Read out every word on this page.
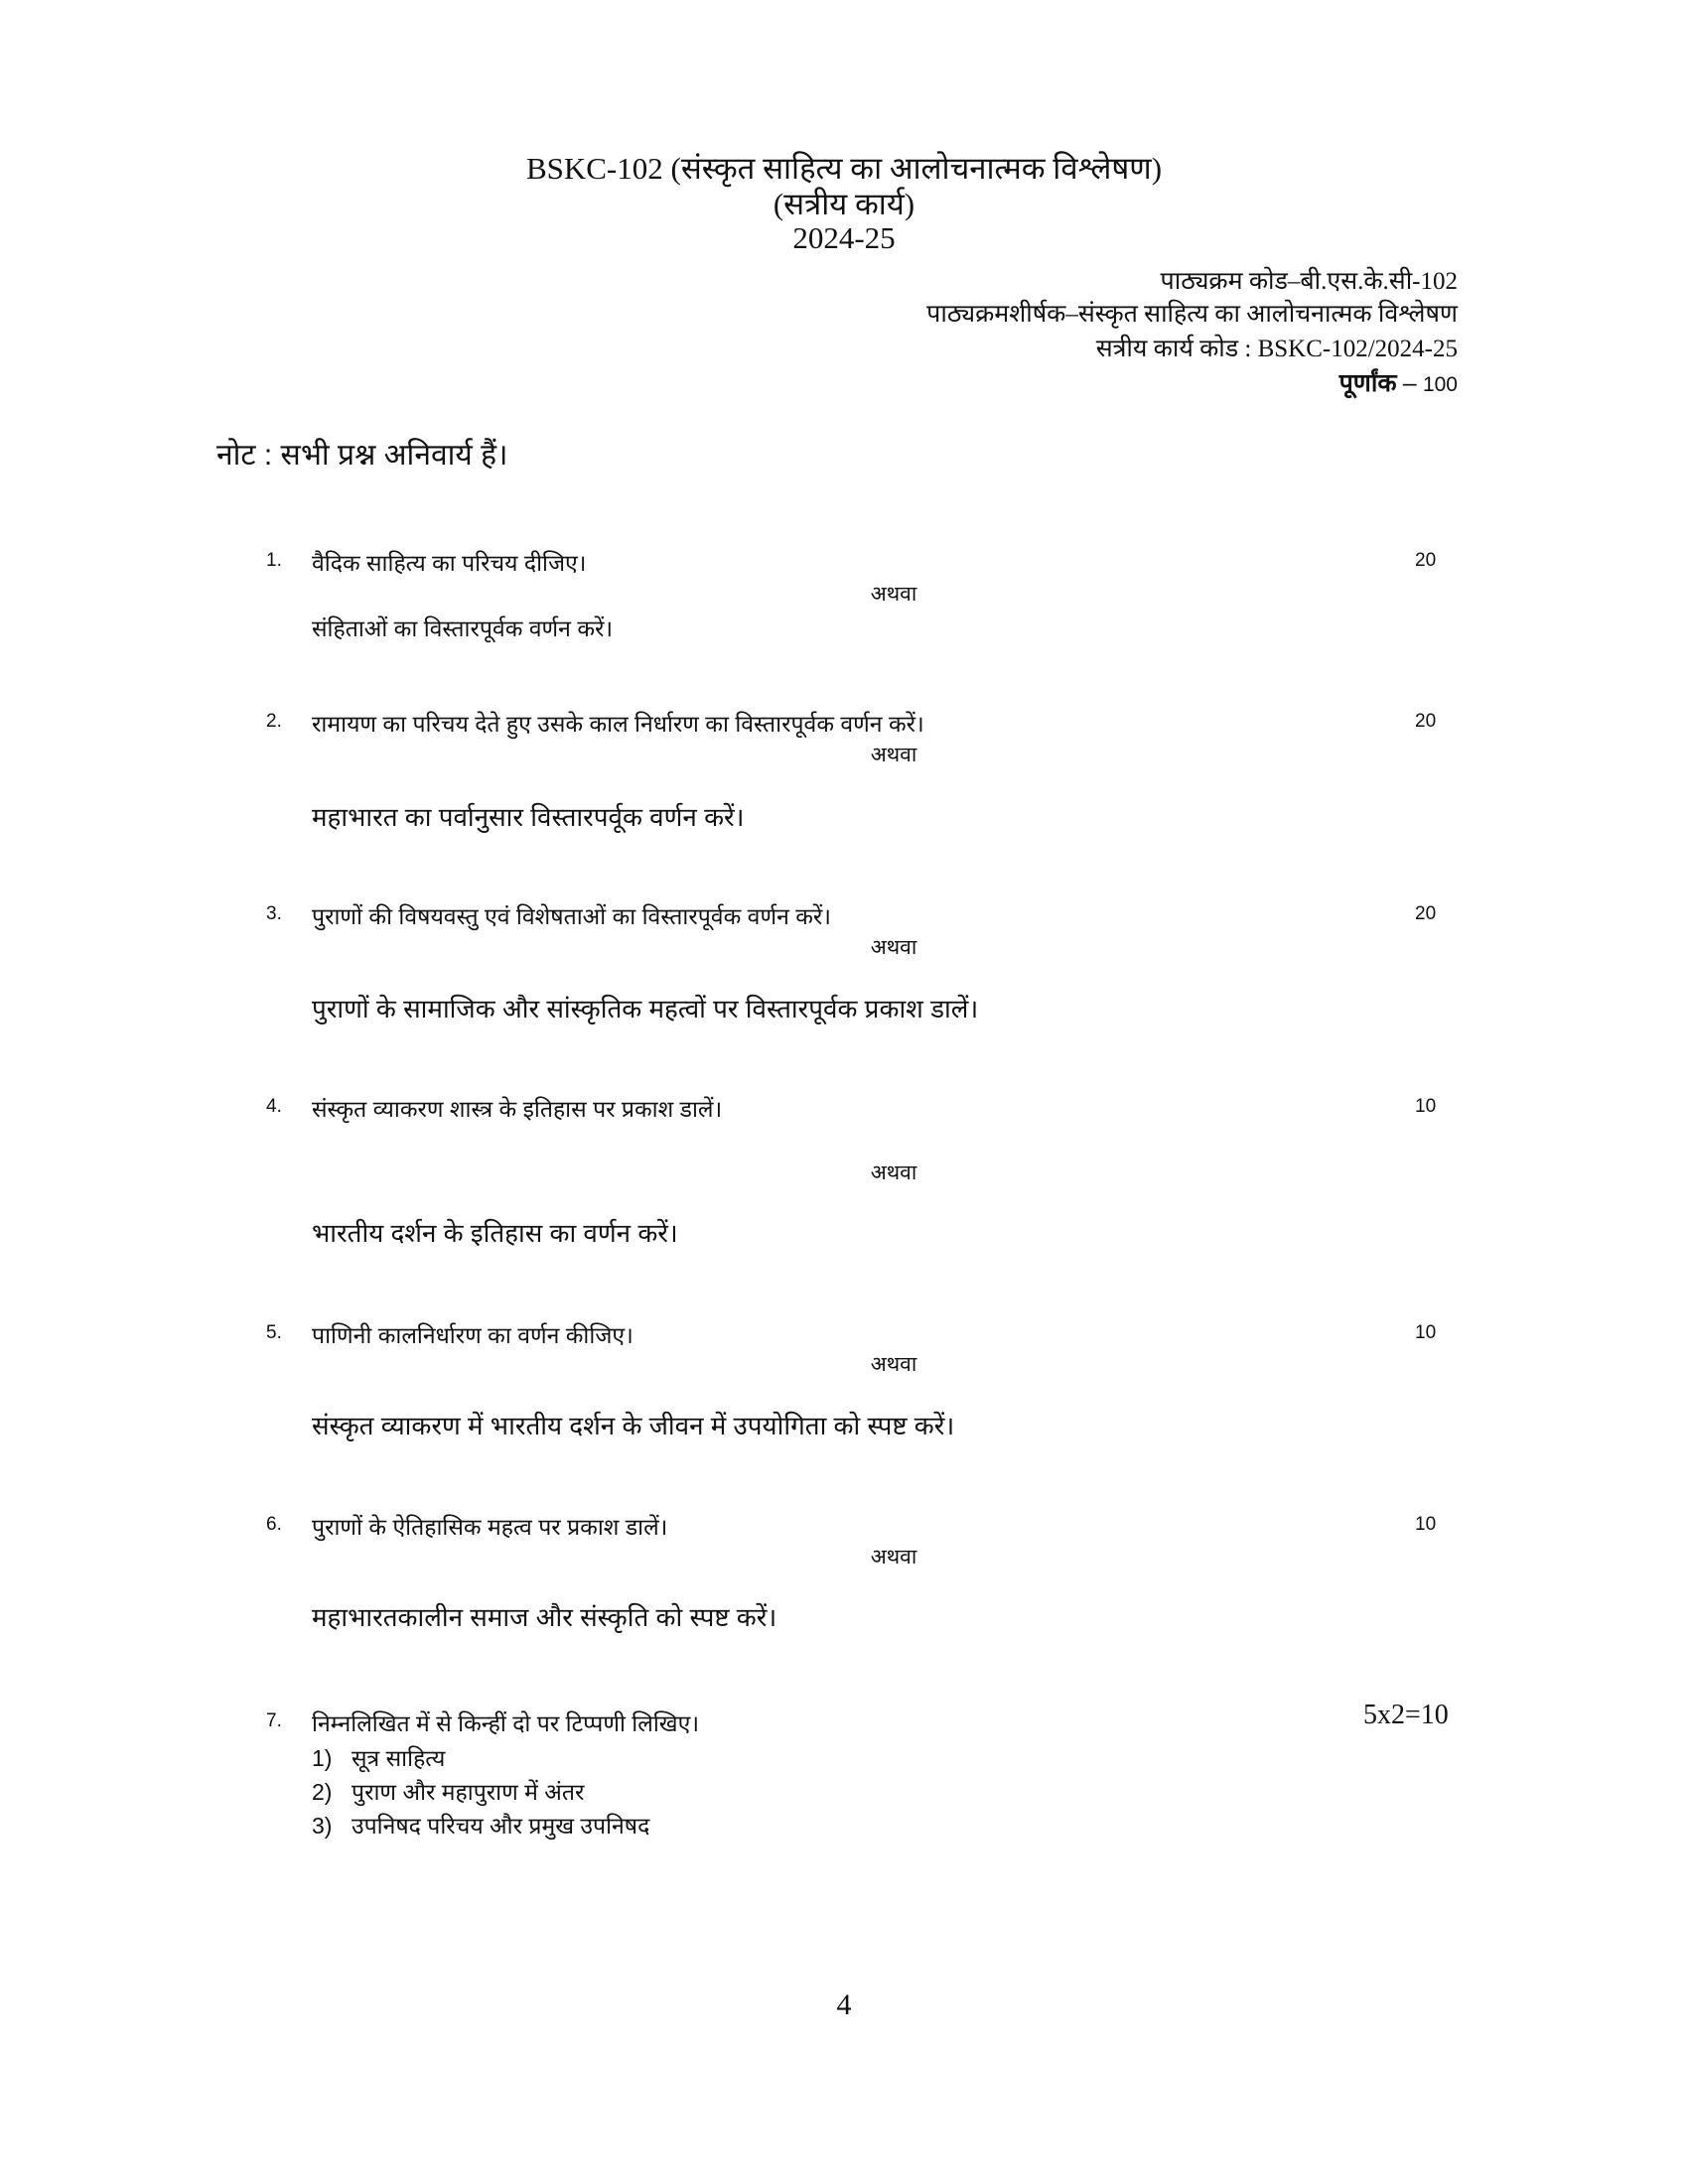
BSKC-102 (संस्कृत साहित्य का आलोचनात्मक विश्लेषण)
(सत्रीय कार्य)
2024-25
पाठ्यक्रम कोड–बी.एस.के.सी-102
पाठ्यक्रमशीर्षक–संस्कृत साहित्य का आलोचनात्मक विश्लेषण
सत्रीय कार्य कोड : BSKC-102/2024-25
पूर्णांक – 100
नोट : सभी प्रश्न अनिवार्य हैं।
1. वैदिक साहित्य का परिचय दीजिए।	20
अथवा
संहिताओं का विस्तारपूर्वक वर्णन करें।
2. रामायण का परिचय देते हुए उसके काल निर्धारण का विस्तारपूर्वक वर्णन करें।	20
अथवा
महाभारत का पर्वानुसार विस्तारपर्वूक वर्णन करें।
3. पुराणों की विषयवस्तु एवं विशेषताओं का विस्तारपूर्वक वर्णन करें।	20
अथवा
पुराणों के सामाजिक और सांस्कृतिक महत्वों पर विस्तारपूर्वक प्रकाश डालें।
4. संस्कृत व्याकरण शास्त्र के इतिहास पर प्रकाश डालें।	10
अथवा
भारतीय दर्शन के इतिहास का वर्णन करें।
5. पाणिनी कालनिर्धारण का वर्णन कीजिए।	10
अथवा
संस्कृत व्याकरण में भारतीय दर्शन के जीवन में उपयोगिता को स्पष्ट करें।
6. पुराणों के ऐतिहासिक महत्व पर प्रकाश डालें।	10
अथवा
महाभारतकालीन समाज और संस्कृति को स्पष्ट करें।
7. निम्नलिखित में से किन्हीं दो पर टिप्पणी लिखिए।	5x2=10
1) सूत्र साहित्य
2) पुराण और महापुराण में अंतर
3) उपनिषद परिचय और प्रमुख उपनिषद
4
